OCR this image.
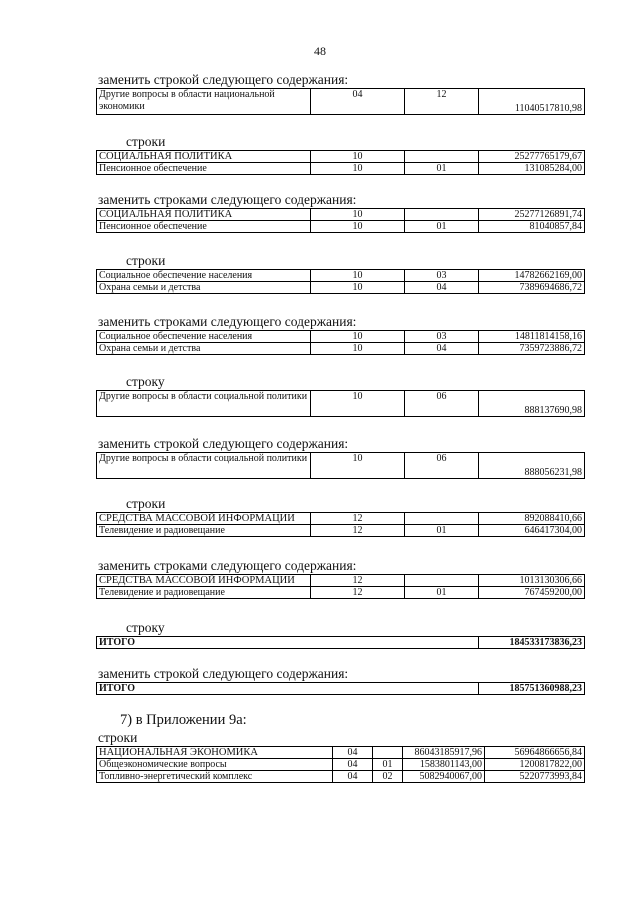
48
заменить строкой следующего содержания:
Другие вопросы в области национальной экономики	04	12	11040517810,98
строки
СОЦИАЛЬНАЯ ПОЛИТИКА	10		25277765179,67
Пенсионное обеспечение	10	01	131085284,00
заменить строками следующего содержания:
СОЦИАЛЬНАЯ ПОЛИТИКА	10		25277126891,74
Пенсионное обеспечение	10	01	81040857,84
строки
Социальное обеспечение населения	10	03	14782662169,00
Охрана семьи и детства	10	04	7389694686,72
заменить строками следующего содержания:
Социальное обеспечение населения	10	03	14811814158,16
Охрана семьи и детства	10	04	7359723886,72
строку
Другие вопросы в области социальной политики	10	06	888137690,98
заменить строкой следующего содержания:
Другие вопросы в области социальной политики	10	06	888056231,98
строки
СРЕДСТВА МАССОВОЙ ИНФОРМАЦИИ	12		892088410,66
Телевидение и радиовещание	12	01	646417304,00
заменить строками следующего содержания:
СРЕДСТВА МАССОВОЙ ИНФОРМАЦИИ	12		1013130306,66
Телевидение и радиовещание	12	01	767459200,00
строку
ИТОГО	184533173836,23
заменить строкой следующего содержания:
ИТОГО	185751360988,23
7) в Приложении 9а:
строки
НАЦИОНАЛЬНАЯ ЭКОНОМИКА	04		86043185917,96	56964866656,84
Общеэкономические вопросы	04	01	1583801143,00	1200817822,00
Топливно-энергетический комплекс	04	02	5082940067,00	5220773993,84
